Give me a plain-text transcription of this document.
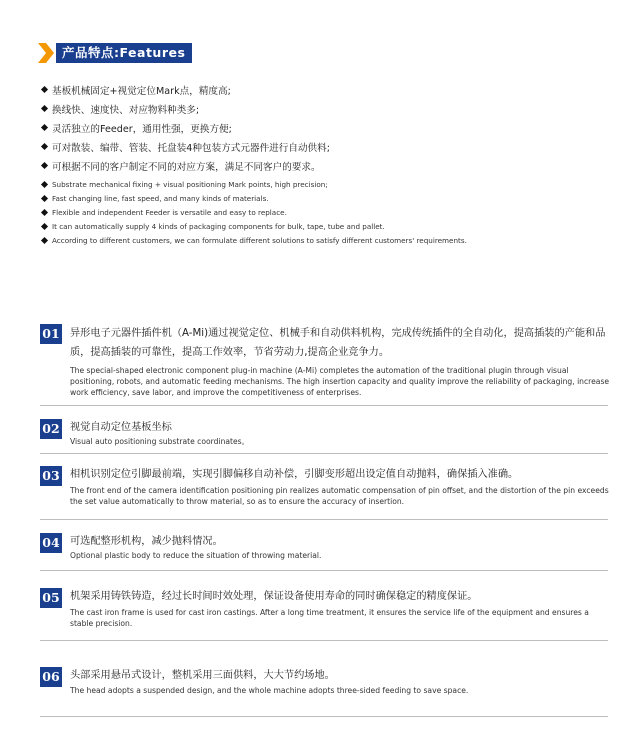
产品特点:Features
基板机械固定+视觉定位Mark点，精度高;
换线快、速度快、对应物料种类多;
灵活独立的Feeder，通用性强，更换方便;
可对散装、编带、管装、托盘装4种包装方式元器件进行自动供料;
可根据不同的客户制定不同的对应方案，满足不同客户的要求。
Substrate mechanical fixing + visual positioning Mark points, high precision;
Fast changing line, fast speed, and many kinds of materials.
Flexible and independent Feeder is versatile and easy to replace.
It can automatically supply 4 kinds of packaging components for bulk, tape, tube and pallet.
According to different customers, we can formulate different solutions to satisfy different customers' requirements.
01 异形电子元器件插件机（A-Mi)通过视觉定位、机械手和自动供料机构，完成传统插件的全自动化，提高插装的产能和品质，提高插装的可靠性，提高工作效率，节省劳动力,提高企业竞争力。
The special-shaped electronic component plug-in machine (A-Mi) completes the automation of the traditional plugin through visual positioning, robots, and automatic feeding mechanisms. The high insertion capacity and quality improve the reliability of packaging, increase work efficiency, save labor, and improve the competitiveness of enterprises.
02 视觉自动定位基板坐标
Visual auto positioning substrate coordinates。
03 相机识别定位引脚最前端，实现引脚偏移自动补偿，引脚变形超出设定值自动抛料，确保插入准确。
The front end of the camera identification positioning pin realizes automatic compensation of pin offset, and the distortion of the pin exceeds the set value automatically to throw material, so as to ensure the accuracy of insertion.
04 可选配整形机构，减少抛料情况。
Optional plastic body to reduce the situation of throwing material.
05 机架采用铸铁铸造，经过长时间时效处理，保证设备使用寿命的同时确保稳定的精度保证。
The cast iron frame is used for cast iron castings. After a long time treatment, it ensures the service life of the equipment and ensures a stable precision.
06 头部采用悬吊式设计，整机采用三面供料，大大节约场地。
The head adopts a suspended design, and the whole machine adopts three-sided feeding to save space.
